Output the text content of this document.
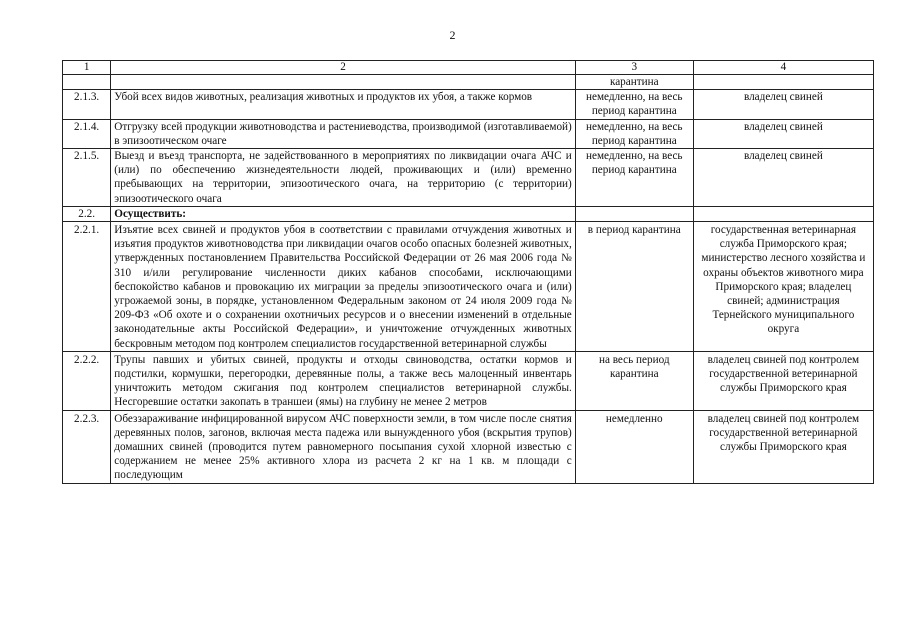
2
1	2	3	4
		карантина	
2.1.3.	Убой всех видов животных, реализация животных и продуктов их убоя, а также кормов	немедленно, на весь период карантина	владелец свиней
2.1.4.	Отгрузку всей продукции животноводства и растениеводства, производимой (изготавливаемой) в эпизоотическом очаге	немедленно, на весь период карантина	владелец свиней
2.1.5.	Выезд и въезд транспорта, не задействованного в мероприятиях по ликвидации очага АЧС и (или) по обеспечению жизнедеятельности людей, проживающих и (или) временно пребывающих на территории, эпизоотического очага, на территорию (с территории) эпизоотического очага	немедленно, на весь период карантина	владелец свиней
2.2.	Осуществить:		
2.2.1.	Изъятие всех свиней и продуктов убоя в соответствии с правилами отчуждения животных и изъятия продуктов животноводства при ликвидации очагов особо опасных болезней животных, утвержденных постановлением Правительства Российской Федерации от 26 мая 2006 года № 310 и/или регулирование численности диких кабанов способами, исключающими беспокойство кабанов и провокацию их миграции за пределы эпизоотического очага и (или) угрожаемой зоны, в порядке, установленном Федеральным законом от 24 июля 2009 года № 209-ФЗ «Об охоте и о сохранении охотничьих ресурсов и о внесении изменений в отдельные законодательные акты Российской Федерации», и уничтожение отчужденных животных бескровным методом под контролем специалистов государственной ветеринарной службы	в период карантина	государственная ветеринарная служба Приморского края; министерство лесного хозяйства и охраны объектов животного мира Приморского края; владелец свиней; администрация Тернейского муниципального округа
2.2.2.	Трупы павших и убитых свиней, продукты и отходы свиноводства, остатки кормов и подстилки, кормушки, перегородки, деревянные полы, а также весь малоценный инвентарь уничтожить методом сжигания под контролем специалистов ветеринарной службы. Несгоревшие остатки закопать в траншеи (ямы) на глубину не менее 2 метров	на весь период карантина	владелец свиней под контролем государственной ветеринарной службы Приморского края
2.2.3.	Обеззараживание инфицированной вирусом АЧС поверхности земли, в том числе после снятия деревянных полов, загонов, включая места падежа или вынужденного убоя (вскрытия трупов) домашних свиней (проводится путем равномерного посыпания сухой хлорной известью с содержанием не менее 25% активного хлора из расчета 2 кг на 1 кв. м площади с последующим	немедленно	владелец свиней под контролем государственной ветеринарной службы Приморского края
